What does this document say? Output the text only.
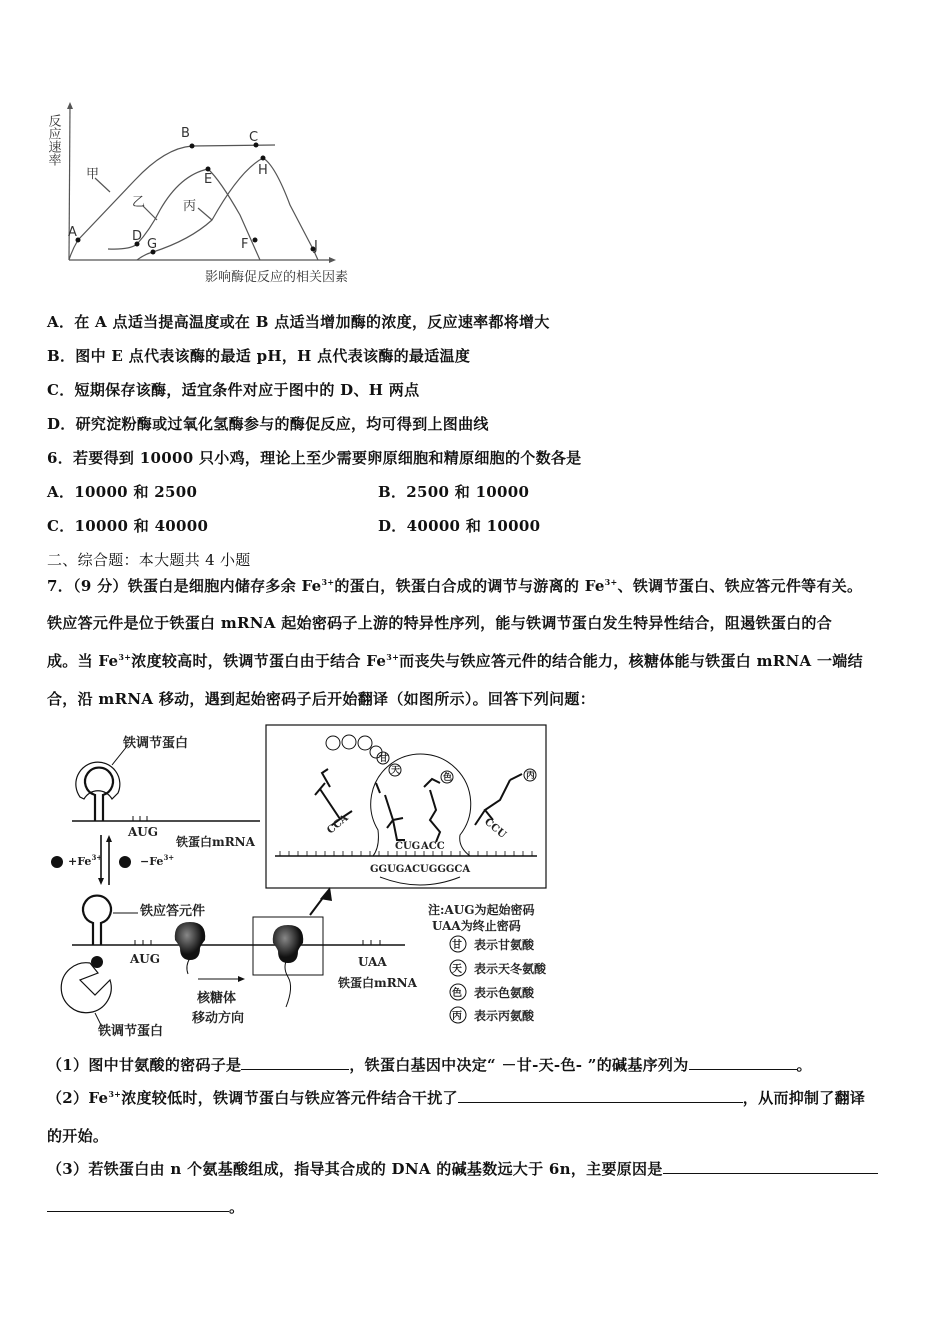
A
B	C
D
E
F
G
H
J
甲
乙	丙
影响酶促反应的相关因素
反应速率
A．在 A 点适当提高温度或在 B 点适当增加酶的浓度，反应速率都将增大
B．图中 E 点代表该酶的最适 pH，H 点代表该酶的最适温度
C．短期保存该酶，适宜条件对应于图中的 D、H 两点
D．研究淀粉酶或过氧化氢酶参与的酶促反应，均可得到上图曲线
6．若要得到 10000 只小鸡，理论上至少需要卵原细胞和精原细胞的个数各是
A．10000 和 2500	B．2500 和 10000
C．10000 和 40000	D．40000 和 10000
二、综合题：本大题共 4 小题
7．（9 分）铁蛋白是细胞内储存多余 $Fe^{3+}$的蛋白，铁蛋白合成的调节与游离的 $Fe^{3+}$、铁调节蛋白、铁应答元件等有关。
铁应答元件是位于铁蛋白 mRNA 起始密码子上游的特异性序列，能与铁调节蛋白发生特异性结合，阻遏铁蛋白的合
成。当 $Fe^{3+}$浓度较高时，铁调节蛋白由于结合 $Fe^{3+}$而丧失与铁应答元件的结合能力，核糖体能与铁蛋白 mRNA 一端结
合，沿 mRNA 移动，遇到起始密码子后开始翻译（如图所示）。回答下列问题：
铁调节蛋白
AUG
铁蛋白mRNA
$+Fe^{3+}$	$-Fe^{3+}$
铁应答元件
AUG	UAA
铁蛋白mRNA
核糖体
移动方向
铁调节蛋白
GGUGACUGGGCA
CUG ACC
CCA	CCU
甘
天
色	丙
注:AUG为起始密码
UAA为终止密码
甘 表示甘氨酸
天 表示天冬氨酸
色 表示色氨酸
丙 表示丙氨酸
（1）图中甘氨酸的密码子是	，铁蛋白基因中决定“ －甘-天-色- ”的碱基序列为	。
$(2)Fe^{3+}$浓度较低时，铁调节蛋白与铁应答元件结合干扰了	，从而抑制了翻译
的开始。
（3）若铁蛋白由 n 个氨基酸组成，指导其合成的 DNA 的碱基数远大于 6n，主要原因是
。
